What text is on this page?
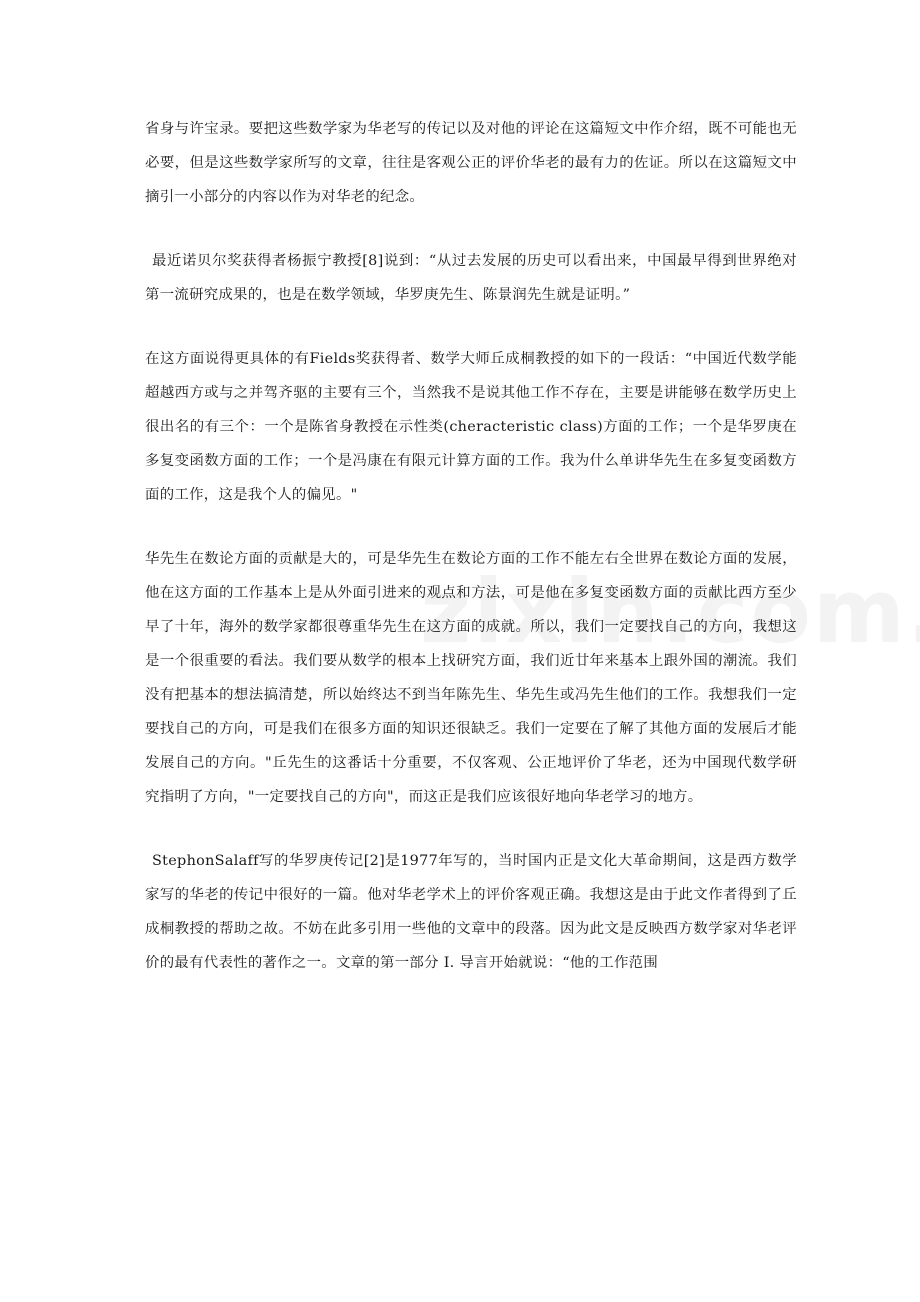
省身与许宝录。要把这些数学家为华老写的传记以及对他的评论在这篇短文中作介绍，既不可能也无必要，但是这些数学家所写的文章，往往是客观公正的评价华老的最有力的佐证。所以在这篇短文中摘引一小部分的内容以作为对华老的纪念。

最近诺贝尔奖获得者杨振宁教授[8]说到：“从过去发展的历史可以看出来，中国最早得到世界绝对第一流研究成果的，也是在数学领域，华罗庚先生、陈景润先生就是证明。”

在这方面说得更具体的有Fields奖获得者、数学大师丘成桐教授的如下的一段话：“中国近代数学能超越西方或与之并驾齐驱的主要有三个，当然我不是说其他工作不存在，主要是讲能够在数学历史上很出名的有三个：一个是陈省身教授在示性类(cheracteristic class)方面的工作；一个是华罗庚在多复变函数方面的工作；一个是冯康在有限元计算方面的工作。我为什么单讲华先生在多复变函数方面的工作，这是我个人的偏见。"

华先生在数论方面的贡献是大的，可是华先生在数论方面的工作不能左右全世界在数论方面的发展，他在这方面的工作基本上是从外面引进来的观点和方法，可是他在多复变函数方面的贡献比西方至少早了十年，海外的数学家都很尊重华先生在这方面的成就。所以，我们一定要找自己的方向，我想这是一个很重要的看法。我们要从数学的根本上找研究方面，我们近廿年来基本上跟外国的潮流。我们没有把基本的想法搞清楚，所以始终达不到当年陈先生、华先生或冯先生他们的工作。我想我们一定要找自己的方向，可是我们在很多方面的知识还很缺乏。我们一定要在了解了其他方面的发展后才能发展自己的方向。"丘先生的这番话十分重要，不仅客观、公正地评价了华老，还为中国现代数学研究指明了方向，"一定要找自己的方向"，而这正是我们应该很好地向华老学习的地方。

StephonSalaff写的华罗庚传记[2]是1977年写的，当时国内正是文化大革命期间，这是西方数学家写的华老的传记中很好的一篇。他对华老学术上的评价客观正确。我想这是由于此文作者得到了丘成桐教授的帮助之故。不妨在此多引用一些他的文章中的段落。因为此文是反映西方数学家对华老评价的最有代表性的著作之一。文章的第一部分 I. 导言开始就说：“他的工作范围
